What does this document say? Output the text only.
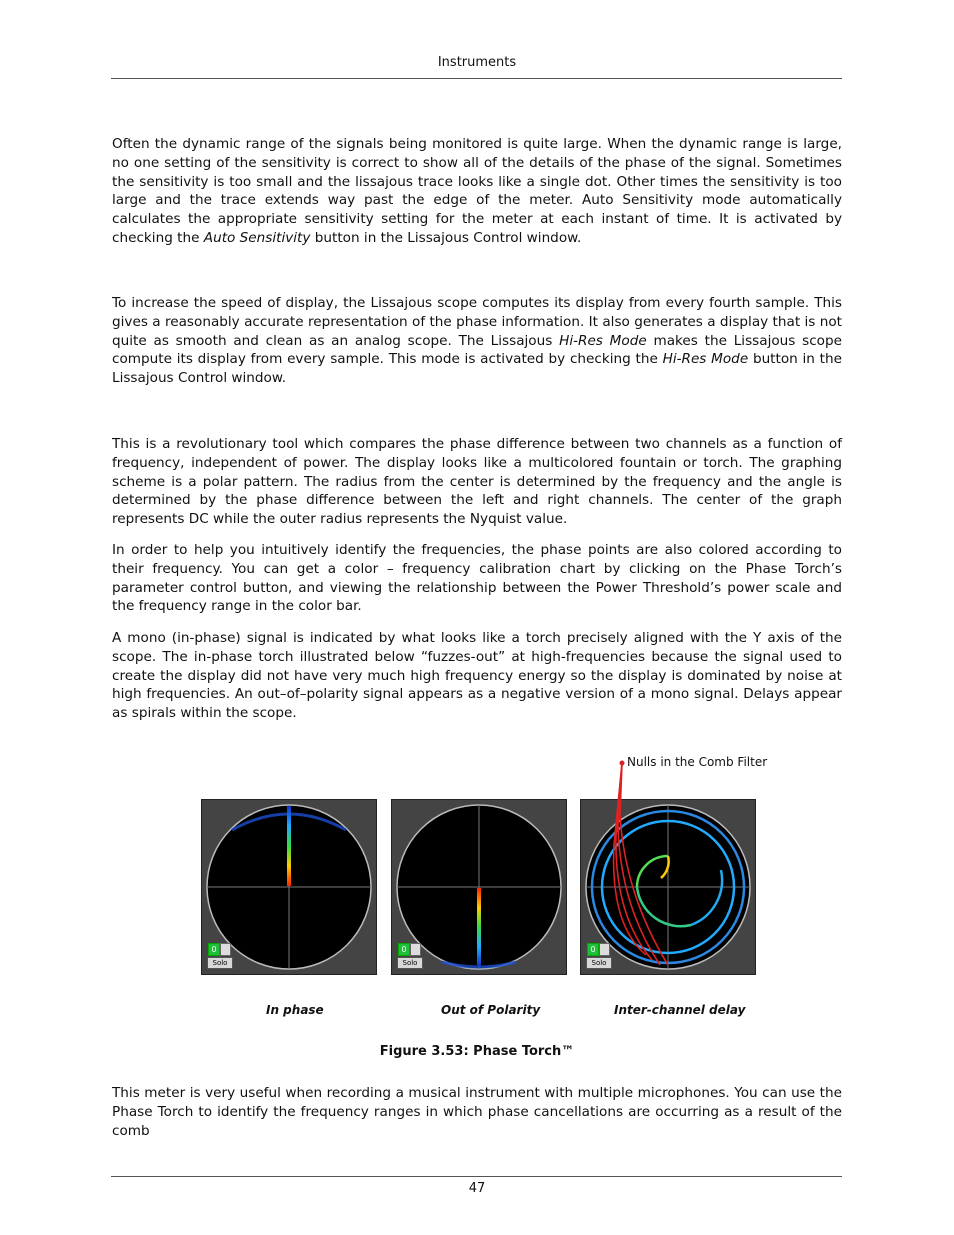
Instruments

Often the dynamic range of the signals being monitored is quite large. When the dynamic range is large, no one setting of the sensitivity is correct to show all of the details of the phase of the signal. Sometimes the sensitivity is too small and the lissajous trace looks like a single dot. Other times the sensitivity is too large and the trace extends way past the edge of the meter. Auto Sensitivity mode automatically calculates the appropriate sensitivity setting for the meter at each instant of time. It is activated by checking the Auto Sensitivity button in the Lissajous Control window.

To increase the speed of display, the Lissajous scope computes its display from every fourth sample. This gives a reasonably accurate representation of the phase information. It also generates a display that is not quite as smooth and clean as an analog scope. The Lissajous Hi-Res Mode makes the Lissajous scope compute its display from every sample. This mode is activated by checking the Hi-Res Mode button in the Lissajous Control window.

This is a revolutionary tool which compares the phase difference between two channels as a function of frequency, independent of power. The display looks like a multicolored fountain or torch. The graphing scheme is a polar pattern. The radius from the center is determined by the frequency and the angle is determined by the phase difference between the left and right channels. The center of the graph represents DC while the outer radius represents the Nyquist value.

In order to help you intuitively identify the frequencies, the phase points are also colored according to their frequency. You can get a color – frequency calibration chart by clicking on the Phase Torch’s parameter control button, and viewing the relationship between the Power Threshold’s power scale and the frequency range in the color bar.

A mono (in-phase) signal is indicated by what looks like a torch precisely aligned with the Y axis of the scope. The in-phase torch illustrated below “fuzzes-out” at high-frequencies because the signal used to create the display did not have very much high frequency energy so the display is dominated by noise at high frequencies. An out–of–polarity signal appears as a negative version of a mono signal. Delays appear as spirals within the scope.

Nulls in the Comb Filter
0
Solo
0
Solo
0
Solo
In phase	Out of Polarity	Inter-channel delay
Figure 3.53: Phase Torch™

This meter is very useful when recording a musical instrument with multiple microphones. You can use the Phase Torch to identify the frequency ranges in which phase cancellations are occurring as a result of the comb

47
